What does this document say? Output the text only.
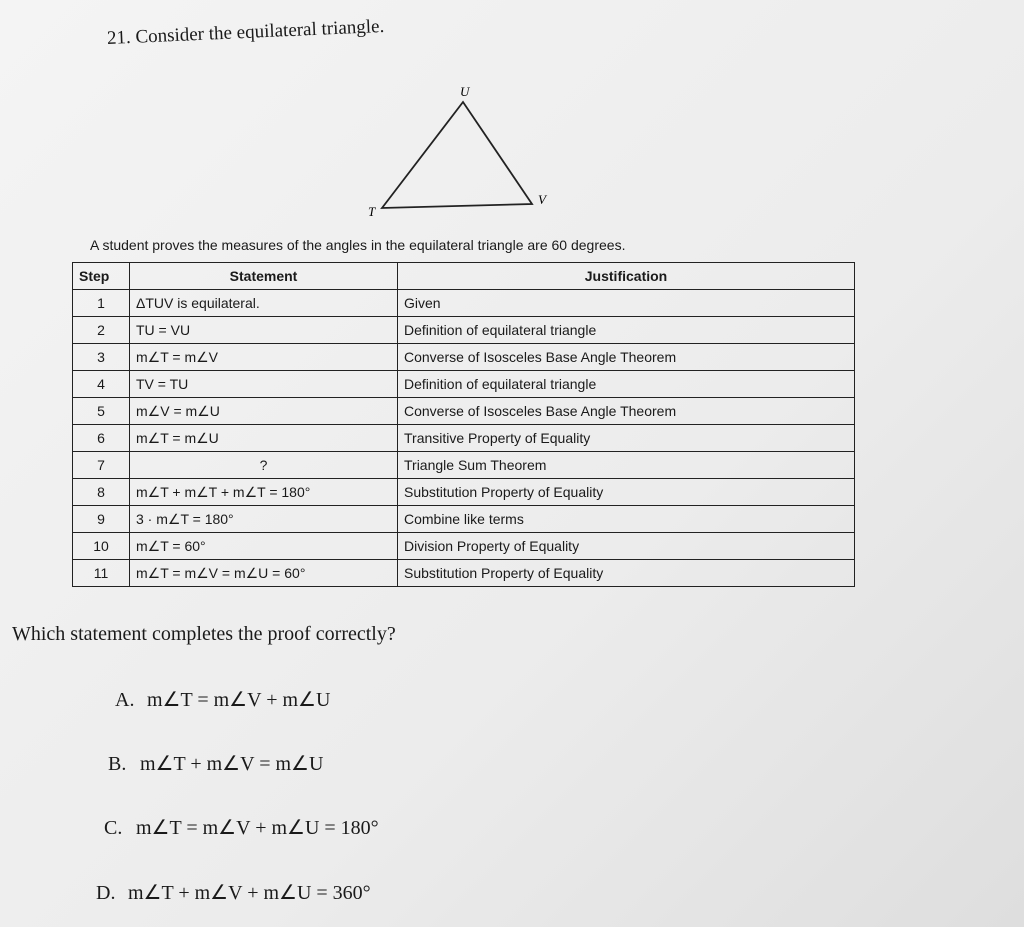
21. Consider the equilateral triangle.
U
T
V
A student proves the measures of the angles in the equilateral triangle are 60 degrees.
Step	Statement	Justification
1	ΔTUV is equilateral.	Given
2	TU = VU	Definition of equilateral triangle
3	m∠T = m∠V	Converse of Isosceles Base Angle Theorem
4	TV = TU	Definition of equilateral triangle
5	m∠V = m∠U	Converse of Isosceles Base Angle Theorem
6	m∠T = m∠U	Transitive Property of Equality
7	?	Triangle Sum Theorem
8	m∠T + m∠T + m∠T = 180°	Substitution Property of Equality
9	3 · m∠T = 180°	Combine like terms
10	m∠T = 60°	Division Property of Equality
11	m∠T = m∠V = m∠U = 60°	Substitution Property of Equality
Which statement completes the proof correctly?
A. m∠T = m∠V + m∠U
B. m∠T + m∠V = m∠U
C. m∠T = m∠V + m∠U = 180°
D. m∠T + m∠V + m∠U = 360°
